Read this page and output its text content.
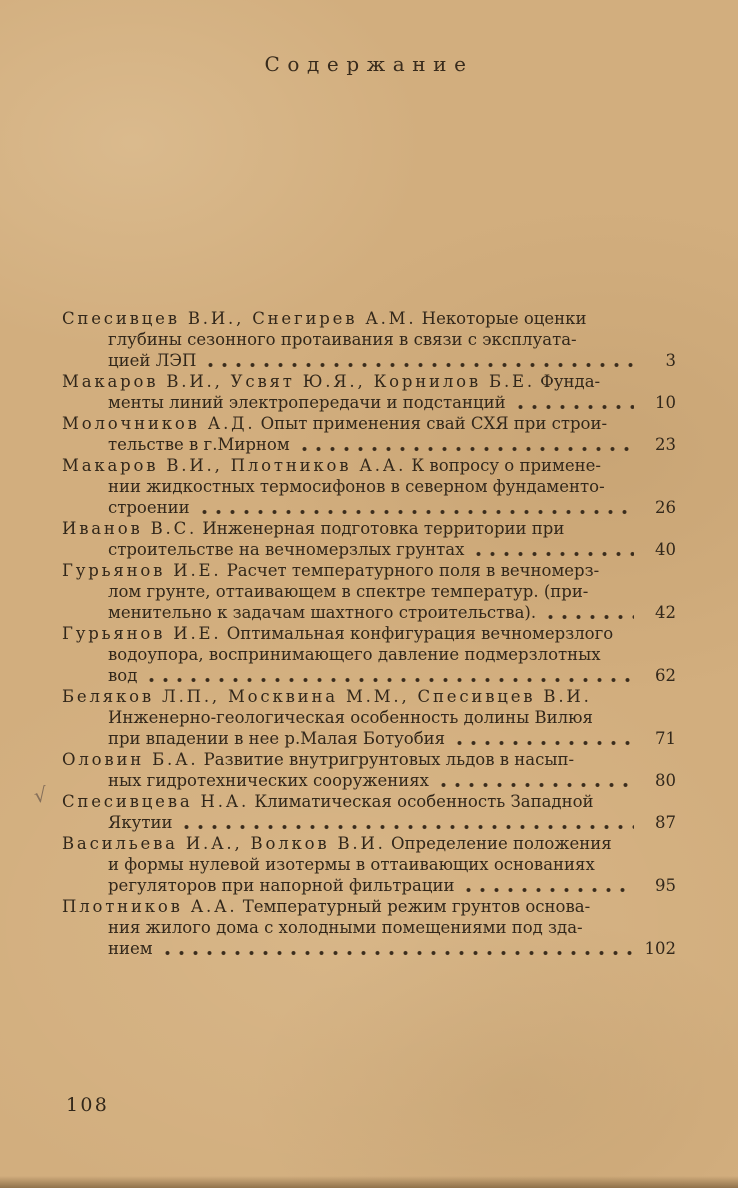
Содержание
Спесивцев В.И., Снегирев А.М. Некоторые оценки
глубины сезонного протаивания в связи с эксплуата-
цией ЛЭП	3
Макаров В.И., Усвят Ю.Я., Корнилов Б.Е. Фунда-
менты линий электропередачи и подстанций	10
Молочников А.Д. Опыт применения свай СХЯ при строи-
тельстве в г.Мирном	23
Макаров В.И., Плотников А.А. К вопросу о примене-
нии жидкостных термосифонов в северном фундаменто-
строении	26
Иванов В.С. Инженерная подготовка территории при
строительстве на вечномерзлых грунтах	40
Гурьянов И.Е. Расчет температурного поля в вечномерз-
лом грунте, оттаивающем в спектре температур. (при-
менительно к задачам шахтного строительства).	42
Гурьянов И.Е. Оптимальная конфигурация вечномерзлого
водоупора, воспринимающего давление подмерзлотных
вод	62
Беляков Л.П., Москвина М.М., Спесивцев В.И.
Инженерно-геологическая особенность долины Вилюя
при впадении в нее р.Малая Ботуобия	71
Оловин Б.А. Развитие внутригрунтовых льдов в насып-
ных гидротехнических сооружениях	80
Спесивцева Н.А. Климатическая особенность Западной
Якутии	87
√
Васильева И.А., Волков В.И. Определение положения
и формы нулевой изотермы в оттаивающих основаниях
регуляторов при напорной фильтрации	95
Плотников А.А. Температурный режим грунтов основа-
ния жилого дома с холодными помещениями под зда-
нием	102
108
